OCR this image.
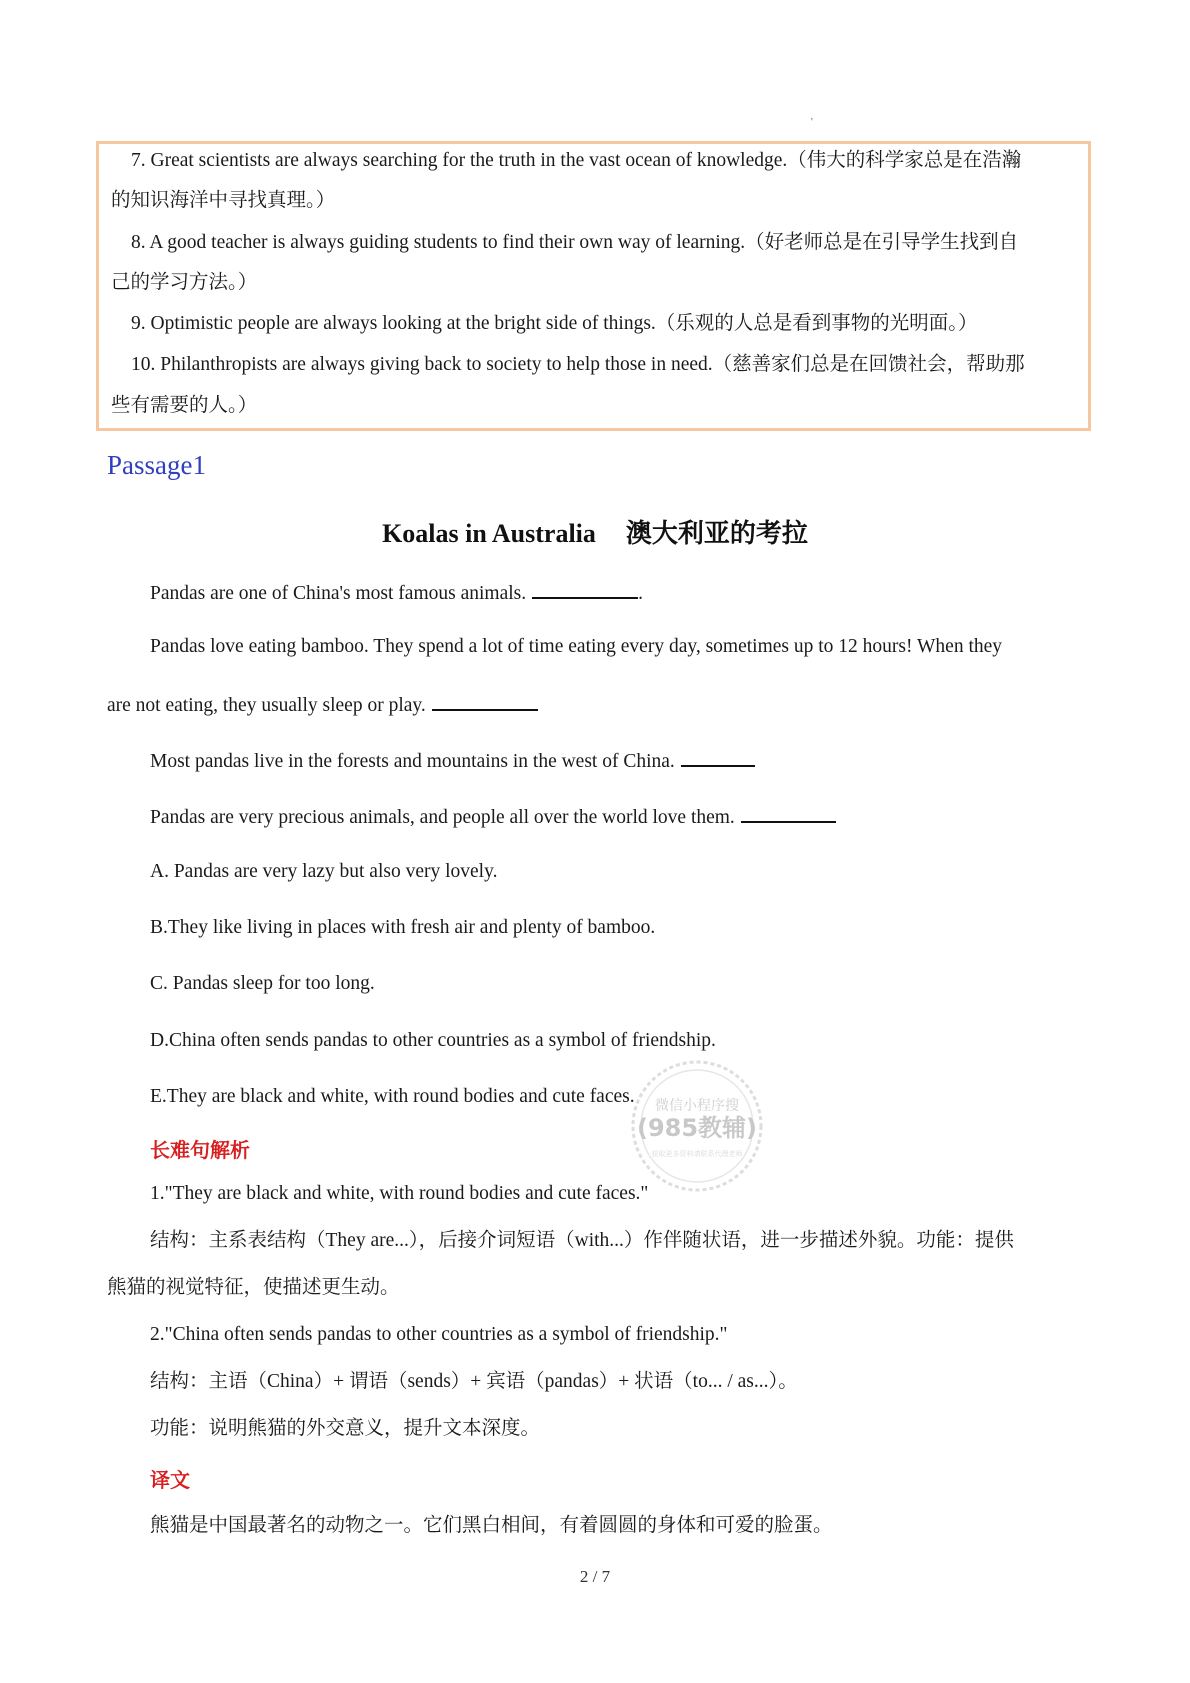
'
7. Great scientists are always searching for the truth in the vast ocean of knowledge.（伟大的科学家总是在浩瀚
的知识海洋中寻找真理。）
8. A good teacher is always guiding students to find their own way of learning.（好老师总是在引导学生找到自
己的学习方法。）
9. Optimistic people are always looking at the bright side of things.（乐观的人总是看到事物的光明面。）
10. Philanthropists are always giving back to society to help those in need.（慈善家们总是在回馈社会，帮助那
些有需要的人。）
Passage1
Koalas in Australia 澳大利亚的考拉
Pandas are one of China's most famous animals.	.
Pandas love eating bamboo. They spend a lot of time eating every day, sometimes up to 12 hours! When they
are not eating, they usually sleep or play.
Most pandas live in the forests and mountains in the west of China.
Pandas are very precious animals, and people all over the world love them.
A. Pandas are very lazy but also very lovely.
B.They like living in places with fresh air and plenty of bamboo.
C. Pandas sleep for too long.
D.China often sends pandas to other countries as a symbol of friendship.
E.They are black and white, with round bodies and cute faces. 微信小程序搜
(985教辅)
获取更多资料请联系代理老师
长难句解析
1."They are black and white, with round bodies and cute faces."
结构：主系表结构（They are...），后接介词短语（with...）作伴随状语，进一步描述外貌。功能：提供
熊猫的视觉特征，使描述更生动。
2."China often sends pandas to other countries as a symbol of friendship."
结构：主语（China）+ 谓语（sends）+ 宾语（pandas）+ 状语（to... / as...）。
功能：说明熊猫的外交意义，提升文本深度。
译文
熊猫是中国最著名的动物之一。它们黑白相间，有着圆圆的身体和可爱的脸蛋。
2 / 7
